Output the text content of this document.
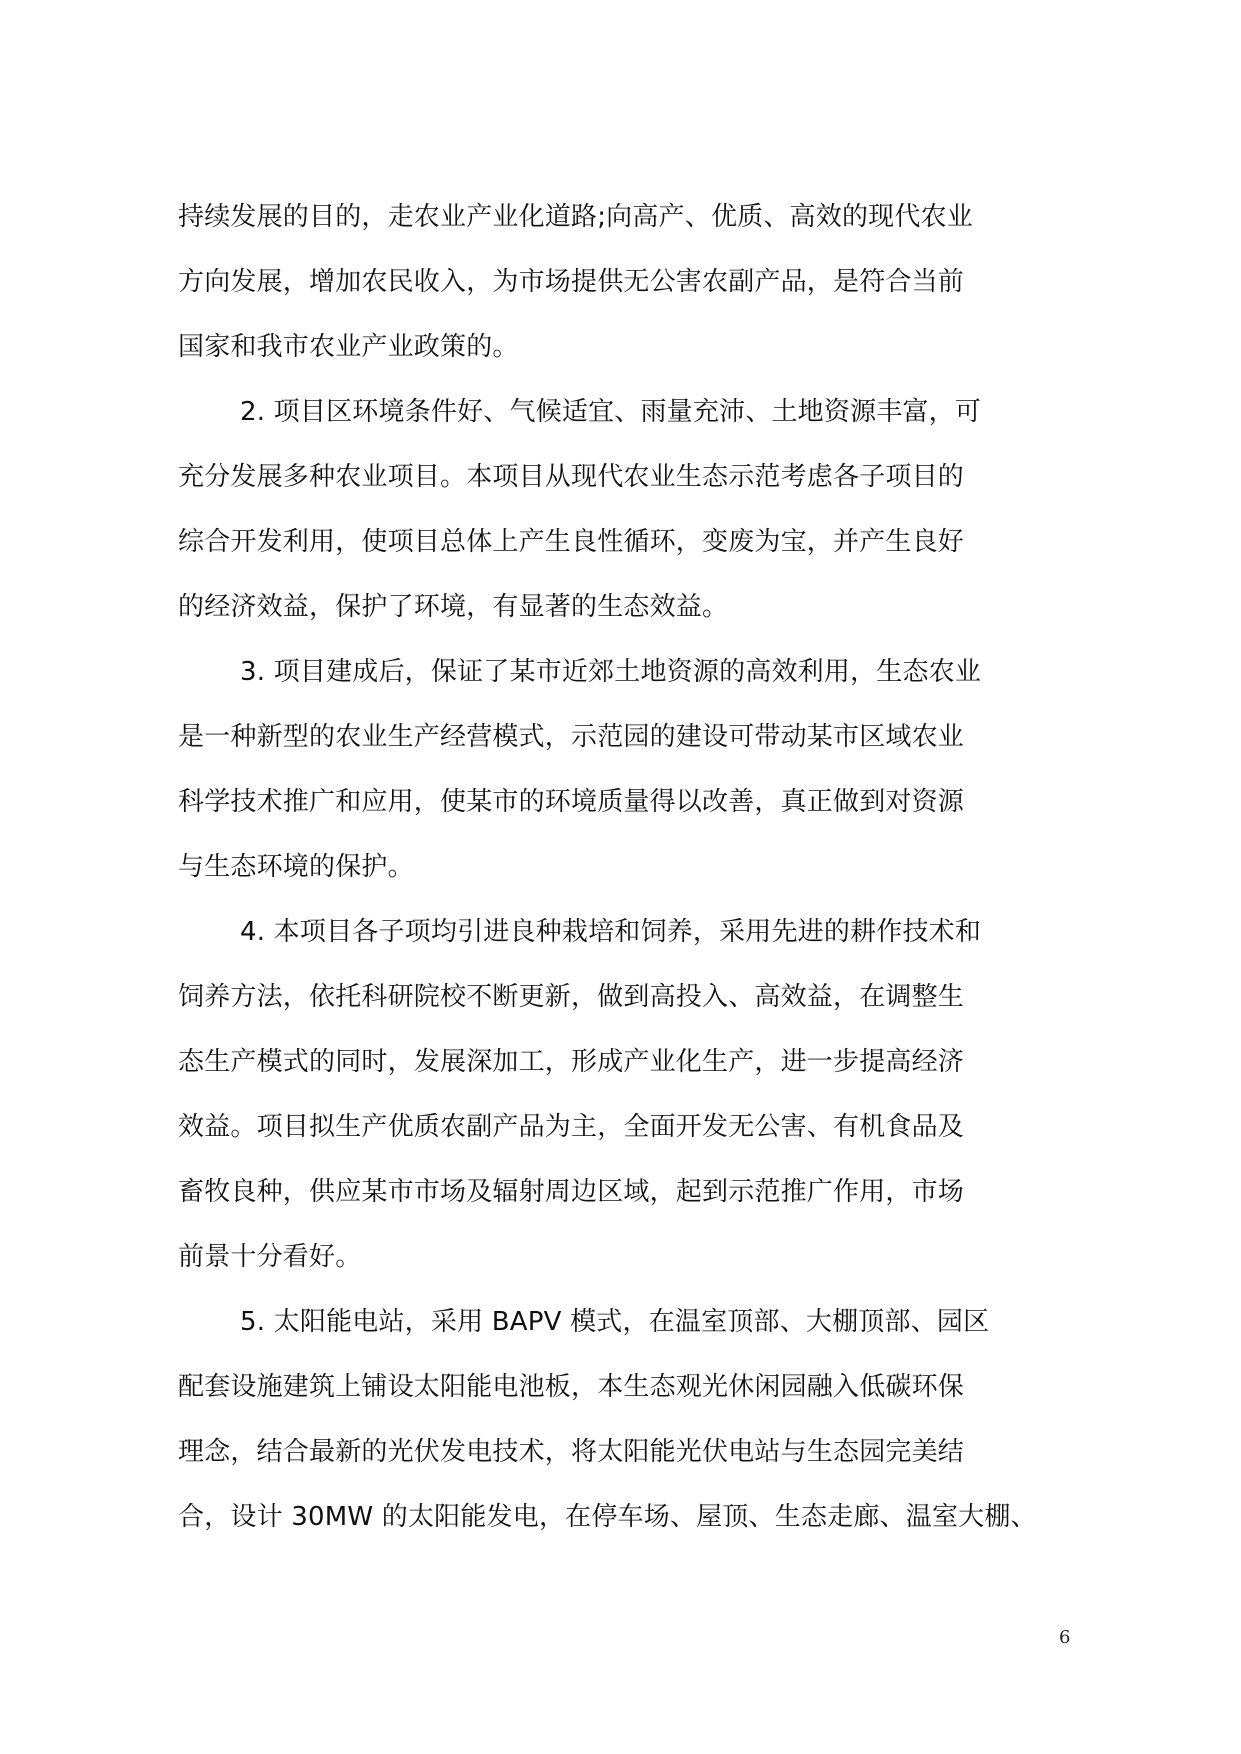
持续发展的目的，走农业产业化道路;向高产、优质、高效的现代农业
方向发展，增加农民收入，为市场提供无公害农副产品，是符合当前
国家和我市农业产业政策的。
2. 项目区环境条件好、气候适宜、雨量充沛、土地资源丰富，可
充分发展多种农业项目。本项目从现代农业生态示范考虑各子项目的
综合开发利用，使项目总体上产生良性循环，变废为宝，并产生良好
的经济效益，保护了环境，有显著的生态效益。
3. 项目建成后，保证了某市近郊土地资源的高效利用，生态农业
是一种新型的农业生产经营模式，示范园的建设可带动某市区域农业
科学技术推广和应用，使某市的环境质量得以改善，真正做到对资源
与生态环境的保护。
4. 本项目各子项均引进良种栽培和饲养，采用先进的耕作技术和
饲养方法，依托科研院校不断更新，做到高投入、高效益，在调整生
态生产模式的同时，发展深加工，形成产业化生产，进一步提高经济
效益。项目拟生产优质农副产品为主，全面开发无公害、有机食品及
畜牧良种，供应某市市场及辐射周边区域，起到示范推广作用，市场
前景十分看好。
5. 太阳能电站，采用 BAPV 模式，在温室顶部、大棚顶部、园区
配套设施建筑上铺设太阳能电池板，本生态观光休闲园融入低碳环保
理念，结合最新的光伏发电技术，将太阳能光伏电站与生态园完美结
合，设计 30MW 的太阳能发电，在停车场、屋顶、生态走廊、温室大棚、
6
